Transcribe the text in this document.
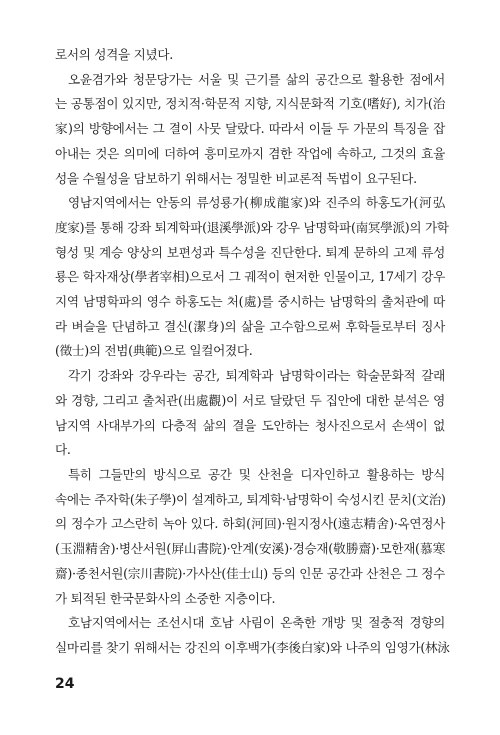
로서의 성격을 지녔다.
오윤겸가와 청문당가는 서울 및 근기를 삶의 공간으로 활용한 점에서
는 공통점이 있지만, 정치적·학문적 지향, 지식문화적 기호(嗜好), 치가(治
家)의 방향에서는 그 결이 사뭇 달랐다. 따라서 이들 두 가문의 특징을 잡
아내는 것은 의미에 더하여 흥미로까지 겸한 작업에 속하고, 그것의 효율
성을 수월성을 담보하기 위해서는 정밀한 비교론적 독법이 요구된다.
영남지역에서는 안동의 류성룡가(柳成龍家)와 진주의 하홍도가(河弘
度家)를 통해 강좌 퇴계학파(退溪學派)와 강우 남명학파(南冥學派)의 가학
형성 및 계승 양상의 보편성과 특수성을 진단한다. 퇴계 문하의 고제 류성
룡은 학자재상(學者宰相)으로서 그 궤적이 현저한 인물이고, 17세기 강우
지역 남명학파의 영수 하홍도는 처(處)를 중시하는 남명학의 출처관에 따
라 벼슬을 단념하고 결신(潔身)의 삶을 고수함으로써 후학들로부터 징사
(徵士)의 전범(典範)으로 일컬어졌다.
각기 강좌와 강우라는 공간, 퇴계학과 남명학이라는 학술문화적 갈래
와 경향, 그리고 출처관(出處觀)이 서로 달랐던 두 집안에 대한 분석은 영
남지역 사대부가의 다층적 삶의 결을 도안하는 청사진으로서 손색이 없
다.
특히 그들만의 방식으로 공간 및 산천을 디자인하고 활용하는 방식
속에는 주자학(朱子學)이 설계하고, 퇴계학·남명학이 숙성시킨 문치(文治)
의 정수가 고스란히 녹아 있다. 하회(河回)·원지정사(遠志精舍)·옥연정사
(玉淵精舍)·병산서원(屛山書院)·안계(安溪)·경승재(敬勝齋)·모한재(慕寒
齋)·종천서원(宗川書院)·가사산(佳士山) 등의 인문 공간과 산천은 그 정수
가 퇴적된 한국문화사의 소중한 지층이다.
호남지역에서는 조선시대 호남 사림이 온축한 개방 및 절충적 경향의
실마리를 찾기 위해서는 강진의 이후백가(李後白家)와 나주의 임영가(林泳
24
